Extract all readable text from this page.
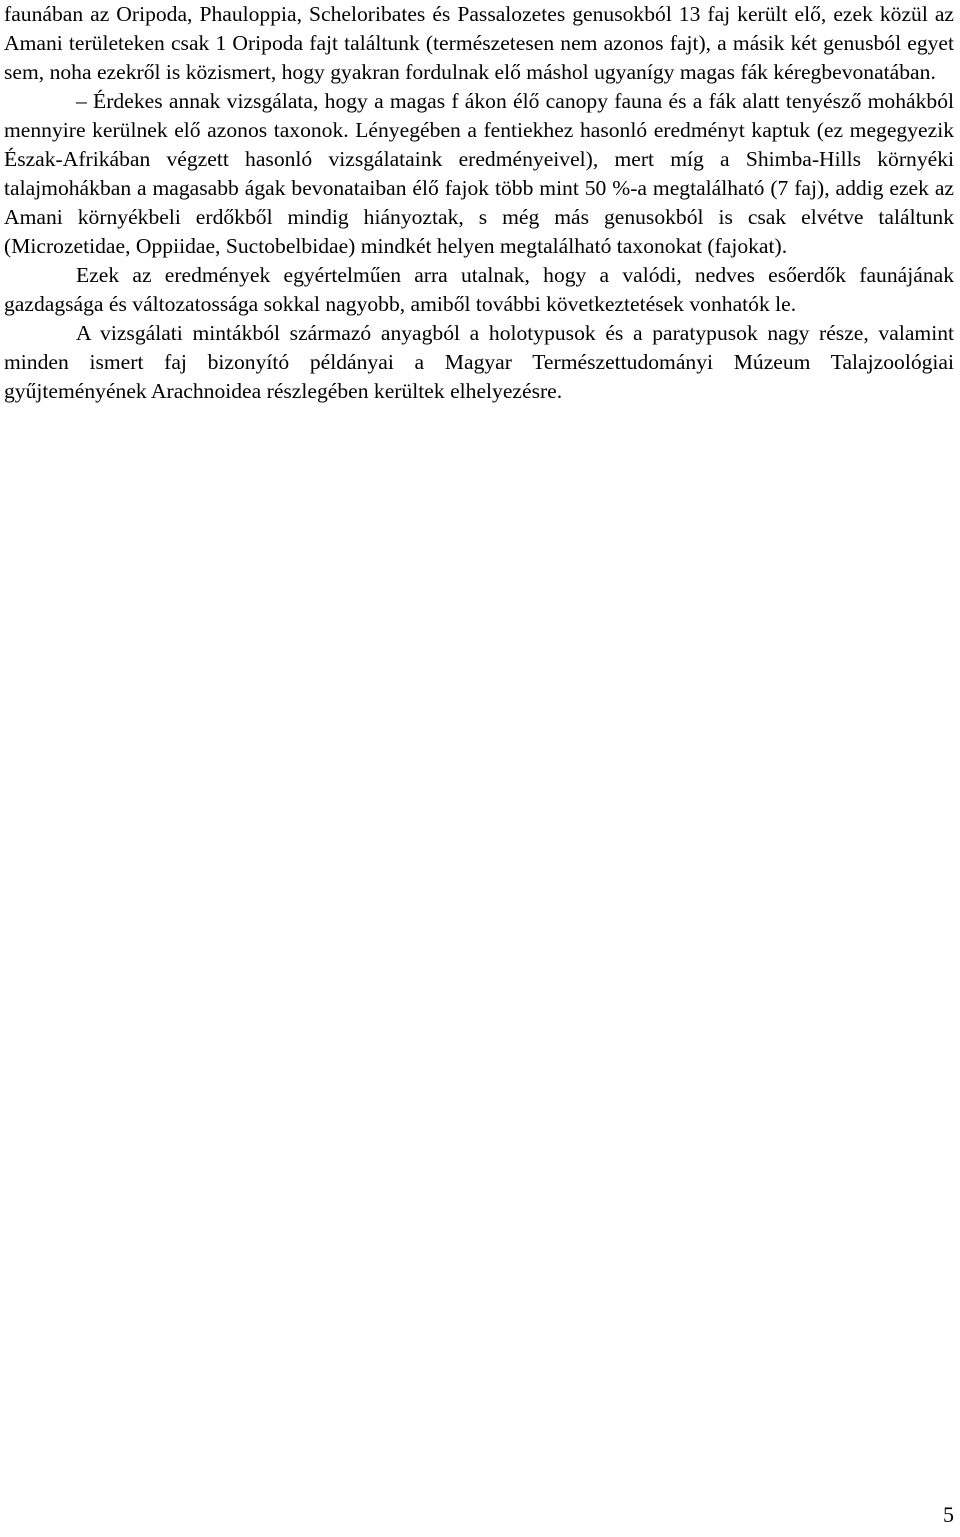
faunában az Oripoda, Phauloppia, Scheloribates és Passalozetes genusokból 13 faj került elő, ezek közül az Amani területeken csak 1 Oripoda fajt találtunk (természetesen nem azonos fajt), a másik két genusból egyet sem, noha ezekről is közismert, hogy gyakran fordulnak elő máshol ugyanígy magas fák kéregbevonatában.

– Érdekes annak vizsgálata, hogy a magas f ákon élő canopy fauna és a fák alatt tenyésző mohákból mennyire kerülnek elő azonos taxonok. Lényegében a fentiekhez hasonló eredményt kaptuk (ez megegyezik Észak-Afrikában végzett hasonló vizsgálataink eredményeivel), mert míg a Shimba-Hills környéki talajmohákban a magasabb ágak bevonataiban élő fajok több mint 50 %-a megtalálható (7 faj), addig ezek az Amani környékbeli erdőkből mindig hiányoztak, s még más genusokból is csak elvétve találtunk (Microzetidae, Oppiidae, Suctobelbidae) mindkét helyen megtalálható taxonokat (fajokat).

Ezek az eredmények egyértelműen arra utalnak, hogy a valódi, nedves esőerdők faunájának gazdagsága és változatossága sokkal nagyobb, amiből további következtetések vonhatók le.

A vizsgálati mintákból származó anyagból a holotypusok és a paratypusok nagy része, valamint minden ismert faj bizonyító példányai a Magyar Természettudományi Múzeum Talajzoológiai gyűjteményének Arachnoidea részlegében kerültek elhelyezésre.

5
